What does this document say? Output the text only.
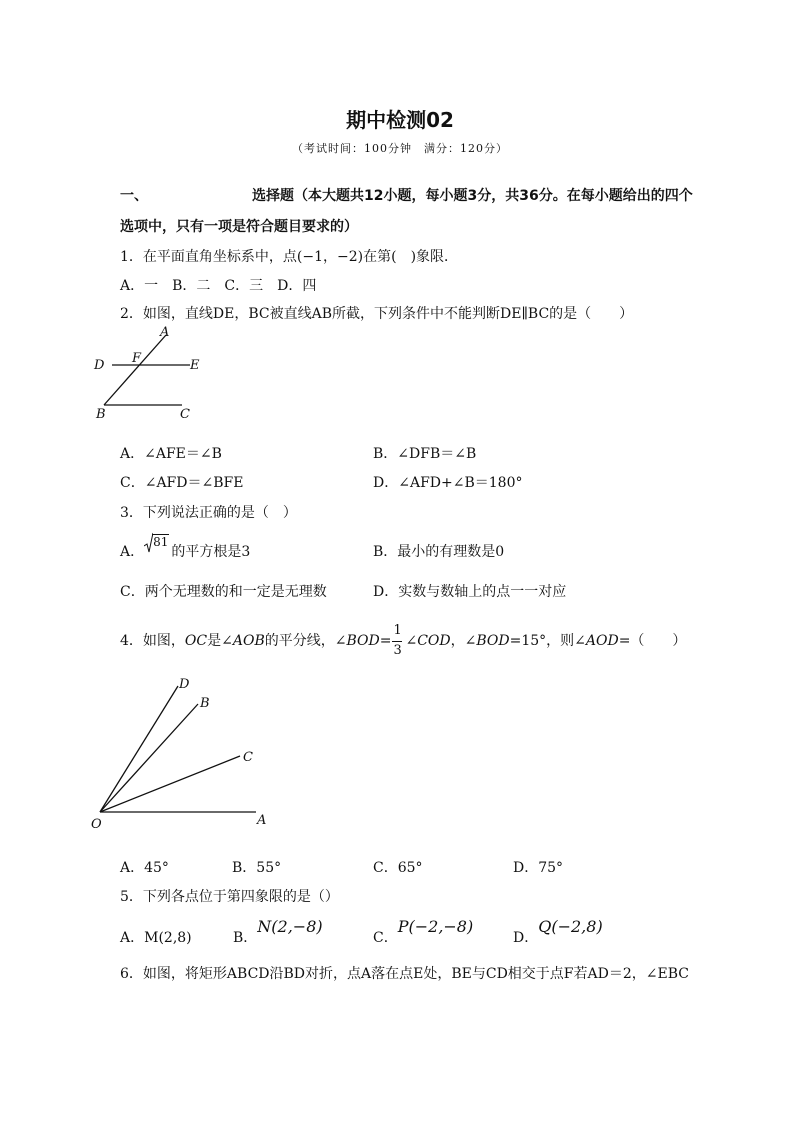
期中检测02
（考试时间：100分钟　满分：120分）
一、	选择题（本大题共12小题，每小题3分，共36分。在每小题给出的四个
选项中，只有一项是符合题目要求的）
1．在平面直角坐标系中，点(−1，−2)在第(　)象限．
A．一　B．二　C．三　D．四
2．如图，直线DE，BC被直线AB所截，下列条件中不能判断DE∥BC的是（　　）
A
D F	E
B	C
A．∠AFE＝∠B	B．∠DFB＝∠B
C．∠AFD＝∠BFE	D．∠AFD+∠B＝180°
3．下列说法正确的是（　）
A．
81的平方根是3	B．最小的有理数是0
C．两个无理数的和一定是无理数	D．实数与数轴上的点一一对应
4．如图，OC是∠AOB的平分线，∠BOD=
$\frac{1}{3}$
∠COD，∠BOD=15°，则∠AOD=（　　）
D
B
C
O	A
A．45°	B．55°	C．65°	D．75°
5．下列各点位于第四象限的是（）
A．M(2,8)	B．N(2,−8)
C．P(−2,−8)
D．Q(−2,8)
6．如图，将矩形ABCD沿BD对折，点A落在点E处，BE与CD相交于点F若AD＝2，∠EBC
